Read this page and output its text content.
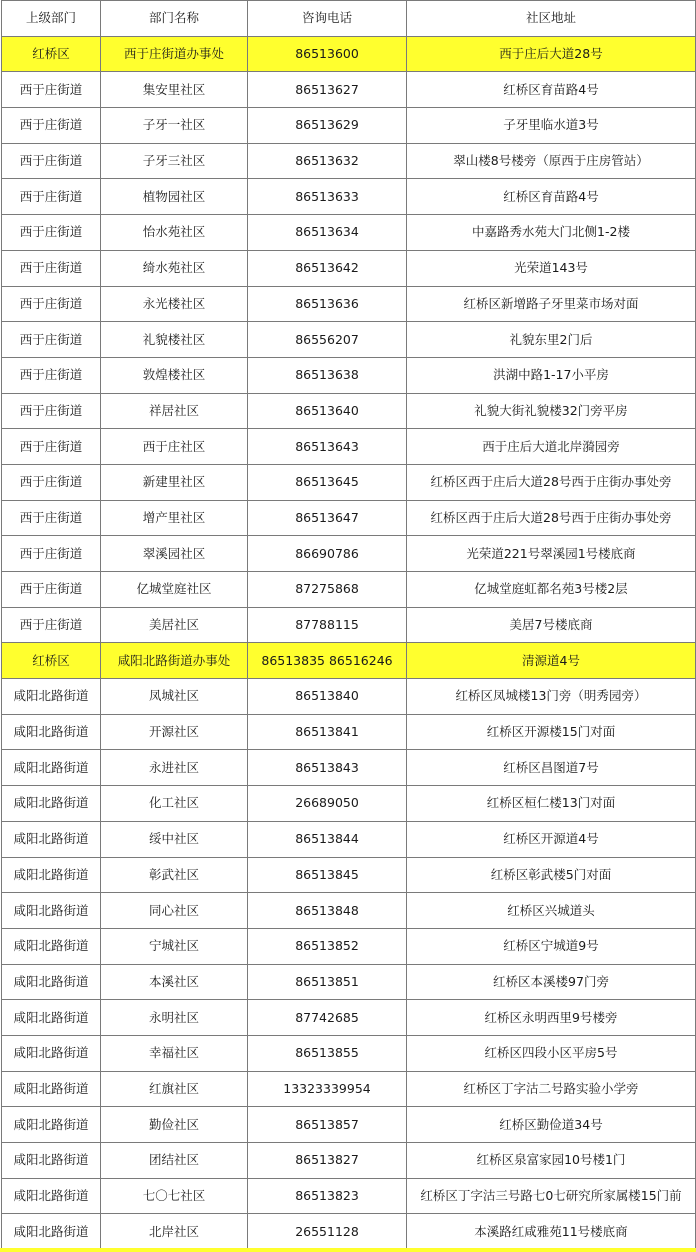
上级部门	部门名称	咨询电话	社区地址
红桥区	西于庄街道办事处	86513600	西于庄后大道28号
西于庄街道	集安里社区	86513627	红桥区育苗路4号
西于庄街道	子牙一社区	86513629	子牙里临水道3号
西于庄街道	子牙三社区	86513632	翠山楼8号楼旁（原西于庄房管站）
西于庄街道	植物园社区	86513633	红桥区育苗路4号
西于庄街道	怡水苑社区	86513634	中嘉路秀水苑大门北侧1-2楼
西于庄街道	绮水苑社区	86513642	光荣道143号
西于庄街道	永光楼社区	86513636	红桥区新增路子牙里菜市场对面
西于庄街道	礼貌楼社区	86556207	礼貌东里2门后
西于庄街道	敦煌楼社区	86513638	洪湖中路1-17小平房
西于庄街道	祥居社区	86513640	礼貌大街礼貌楼32门旁平房
西于庄街道	西于庄社区	86513643	西于庄后大道北岸漪园旁
西于庄街道	新建里社区	86513645	红桥区西于庄后大道28号西于庄街办事处旁
西于庄街道	增产里社区	86513647	红桥区西于庄后大道28号西于庄街办事处旁
西于庄街道	翠溪园社区	86690786	光荣道221号翠溪园1号楼底商
西于庄街道	亿城堂庭社区	87275868	亿城堂庭虹都名苑3号楼2层
西于庄街道	美居社区	87788115	美居7号楼底商
红桥区	咸阳北路街道办事处	86513835 86516246	清源道4号
咸阳北路街道	凤城社区	86513840	红桥区凤城楼13门旁（明秀园旁）
咸阳北路街道	开源社区	86513841	红桥区开源楼15门对面
咸阳北路街道	永进社区	86513843	红桥区昌图道7号
咸阳北路街道	化工社区	26689050	红桥区桓仁楼13门对面
咸阳北路街道	绥中社区	86513844	红桥区开源道4号
咸阳北路街道	彰武社区	86513845	红桥区彰武楼5门对面
咸阳北路街道	同心社区	86513848	红桥区兴城道头
咸阳北路街道	宁城社区	86513852	红桥区宁城道9号
咸阳北路街道	本溪社区	86513851	红桥区本溪楼97门旁
咸阳北路街道	永明社区	87742685	红桥区永明西里9号楼旁
咸阳北路街道	幸福社区	86513855	红桥区四段小区平房5号
咸阳北路街道	红旗社区	13323339954	红桥区丁字沽二号路实验小学旁
咸阳北路街道	勤俭社区	86513857	红桥区勤俭道34号
咸阳北路街道	团结社区	86513827	红桥区泉富家园10号楼1门
咸阳北路街道	七〇七社区	86513823	红桥区丁字沽三号路七0七研究所家属楼15门前
咸阳北路街道	北岸社区	26551128	本溪路红咸雅苑11号楼底商
